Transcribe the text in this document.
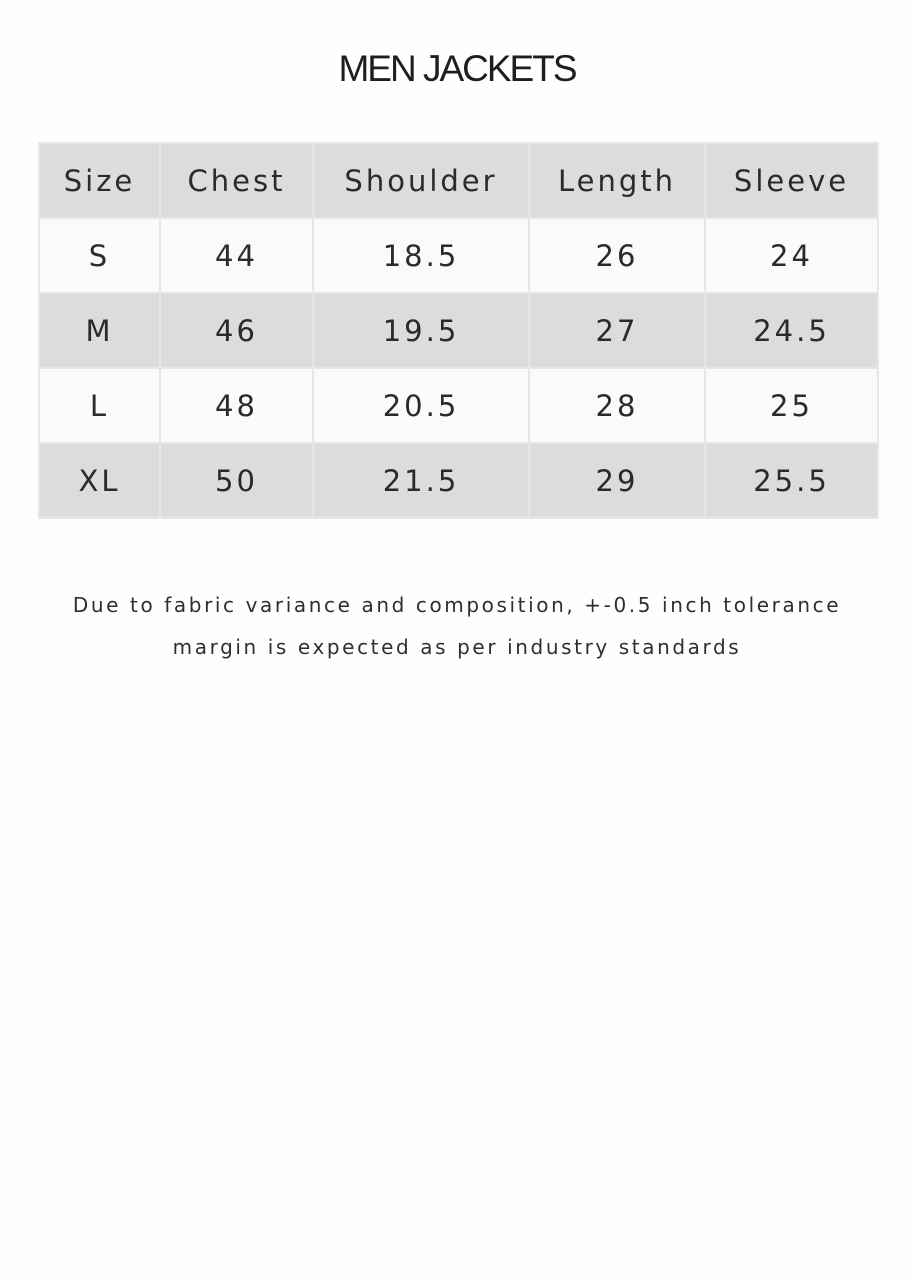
MEN JACKETS
Size	Chest	Shoulder	Length	Sleeve
S	44	18.5	26	24
M	46	19.5	27	24.5
L	48	20.5	28	25
XL	50	21.5	29	25.5

Due to fabric variance and composition, +-0.5 inch tolerance
margin is expected as per industry standards
